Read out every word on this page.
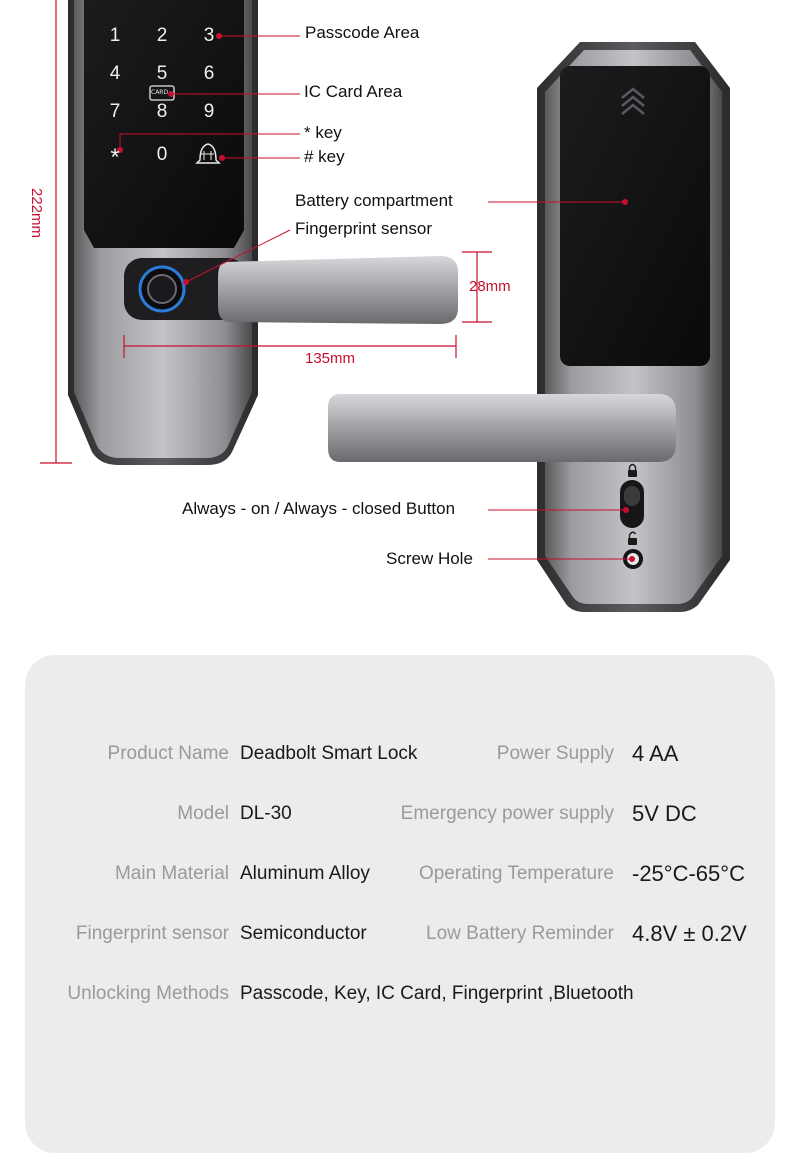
1	2	3
4	5	6
7	8	9
*	0
CARD
Passcode Area
IC Card Area
* key
# key
Battery compartment
Fingerprint sensor
Always - on / Always - closed Button
Screw Hole
222mm
135mm
28mm
Product Name Deadbolt Smart Lock	Power Supply 4 AA
Model DL-30	Emergency power supply 5V DC
Main Material Aluminum Alloy	Operating Temperature -25°C-65°C
Fingerprint sensor Semiconductor	Low Battery Reminder 4.8V ± 0.2V
Unlocking Methods Passcode, Key, IC Card, Fingerprint ,Bluetooth
